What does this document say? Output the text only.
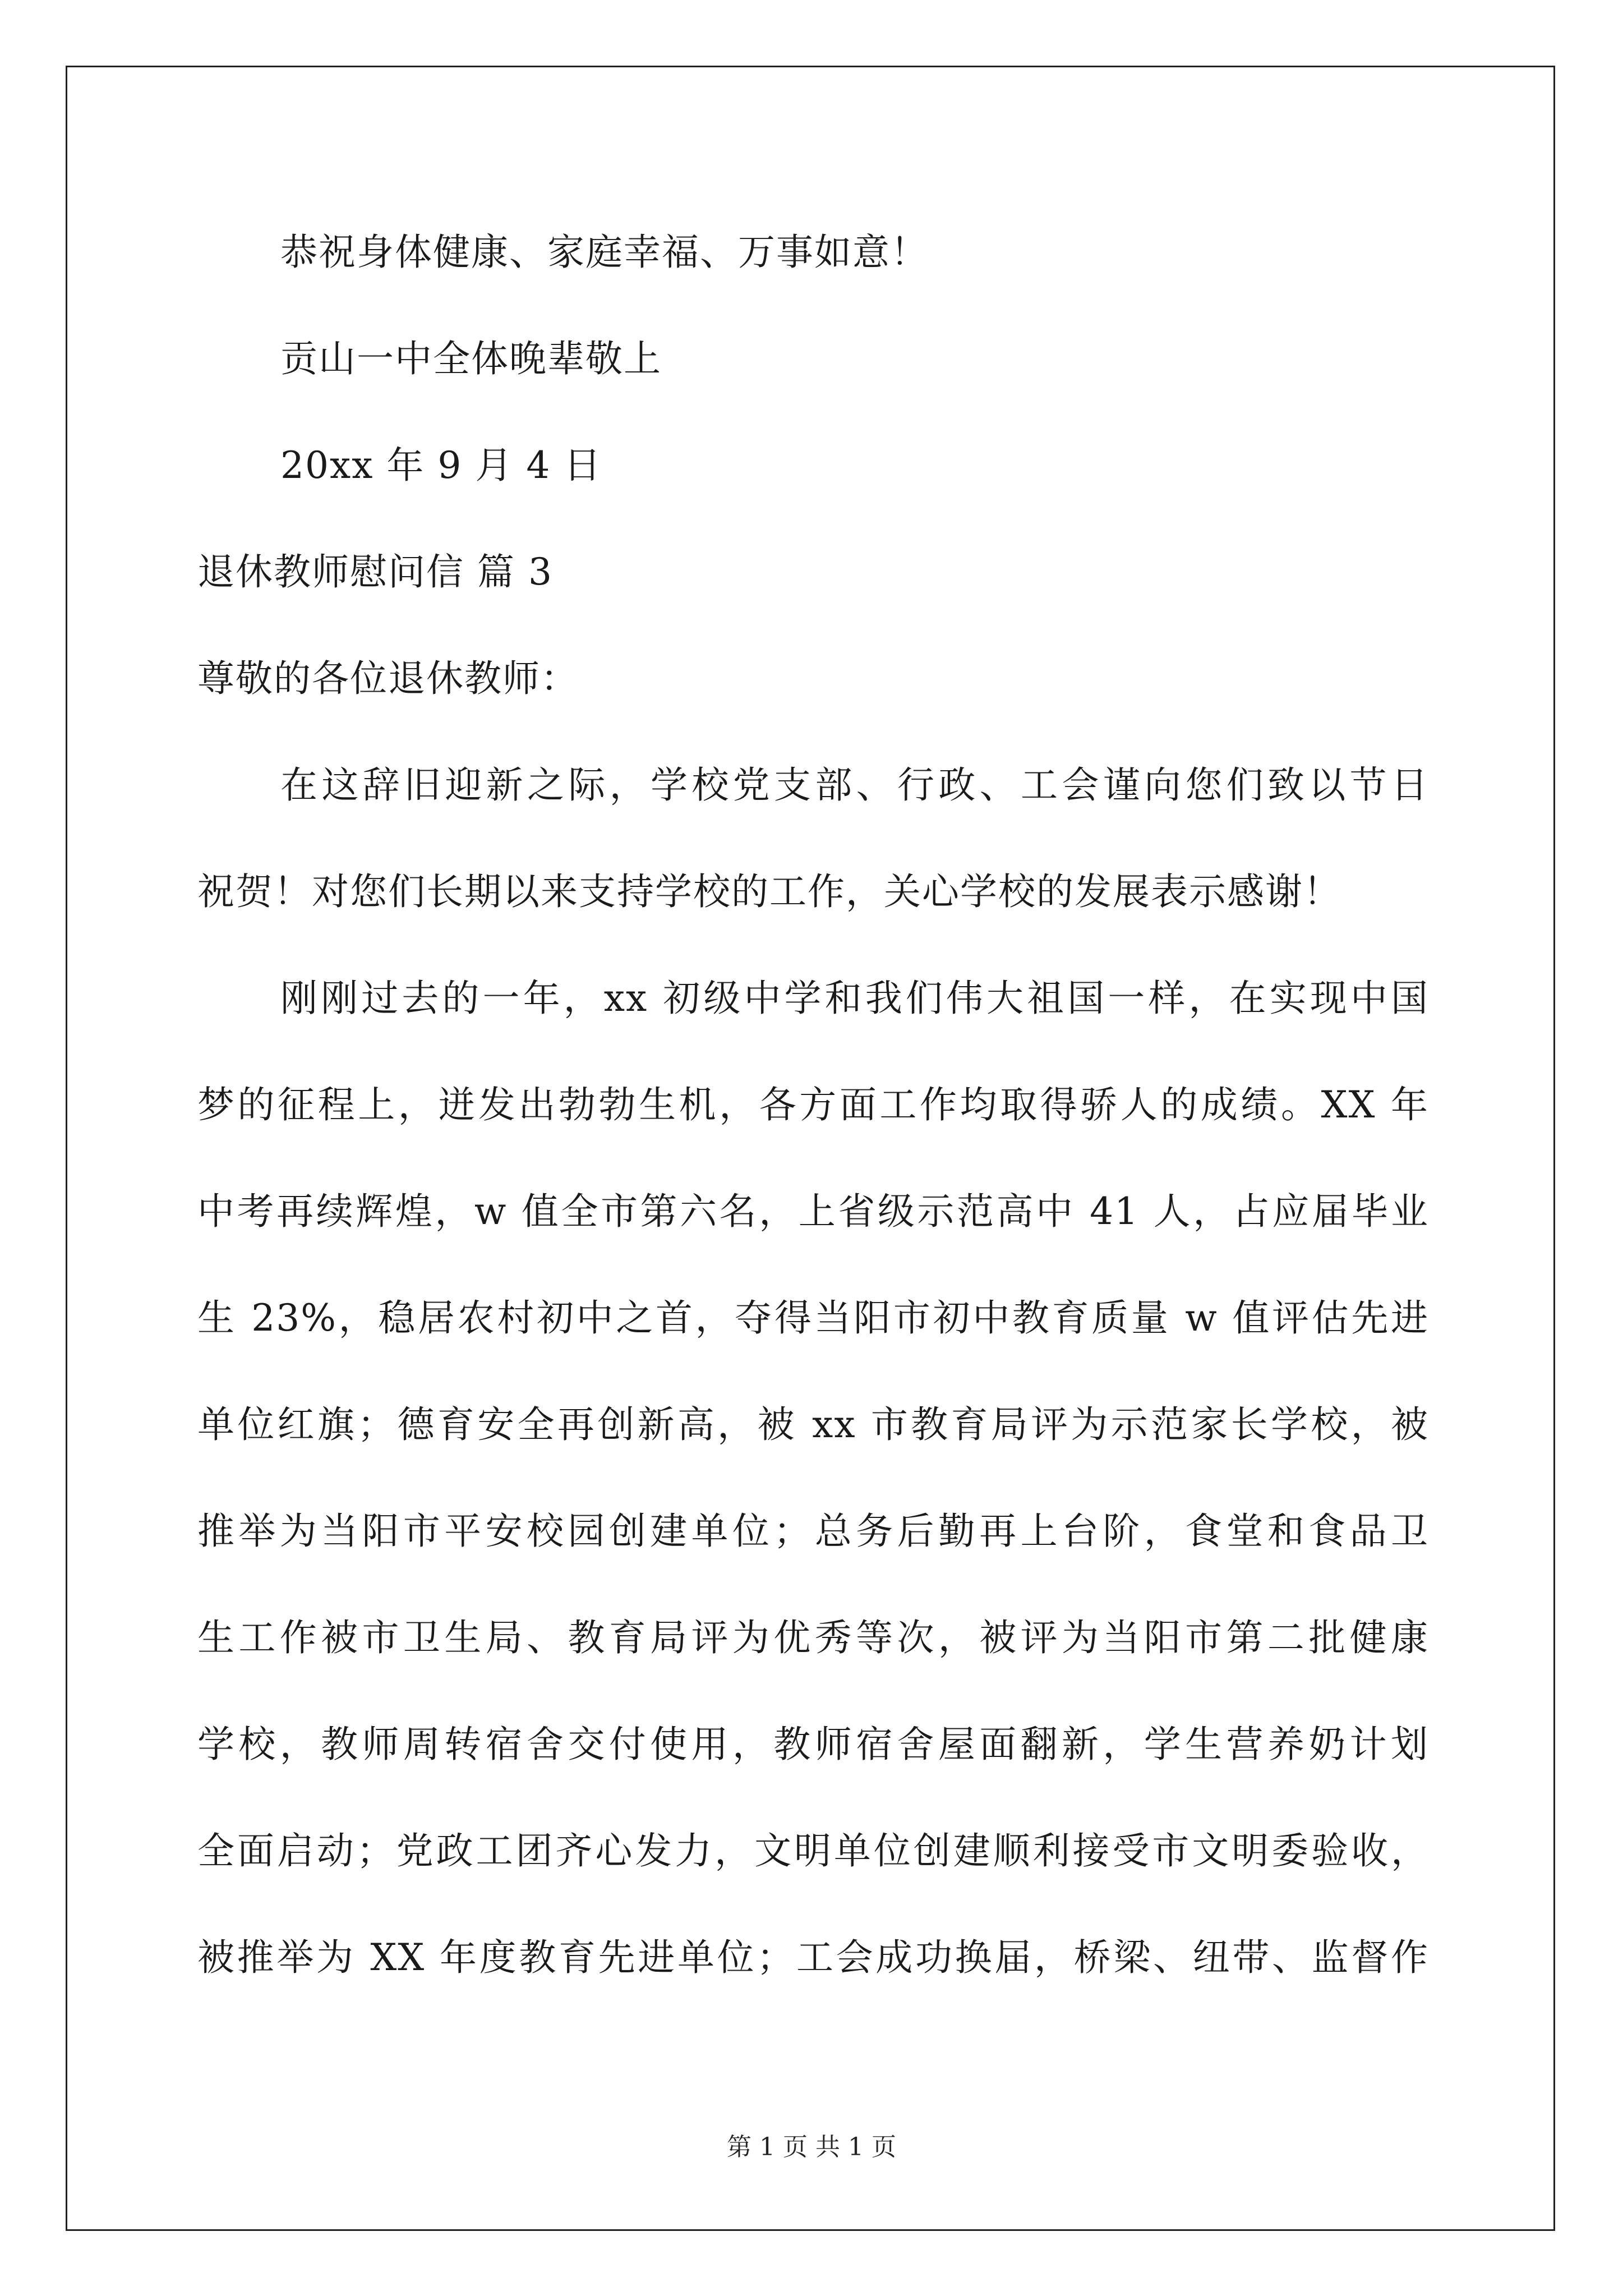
恭祝身体健康、家庭幸福、万事如意！
贡山一中全体晚辈敬上
20xx 年 9 月 4 日
退休教师慰问信 篇 3
尊敬的各位退休教师：
在这辞旧迎新之际，学校党支部、行政、工会谨向您们致以节日
祝贺！对您们长期以来支持学校的工作，关心学校的发展表示感谢！
刚刚过去的一年，xx 初级中学和我们伟大祖国一样，在实现中国
梦的征程上，迸发出勃勃生机，各方面工作均取得骄人的成绩。XX 年
中考再续辉煌，w 值全市第六名，上省级示范高中 41 人，占应届毕业
生 23%，稳居农村初中之首，夺得当阳市初中教育质量 w 值评估先进
单位红旗；德育安全再创新高，被 xx 市教育局评为示范家长学校，被
推举为当阳市平安校园创建单位；总务后勤再上台阶，食堂和食品卫
生工作被市卫生局、教育局评为优秀等次，被评为当阳市第二批健康
学校，教师周转宿舍交付使用，教师宿舍屋面翻新，学生营养奶计划
全面启动；党政工团齐心发力，文明单位创建顺利接受市文明委验收，
被推举为 XX 年度教育先进单位；工会成功换届，桥梁、纽带、监督作
第 1 页 共 1 页
